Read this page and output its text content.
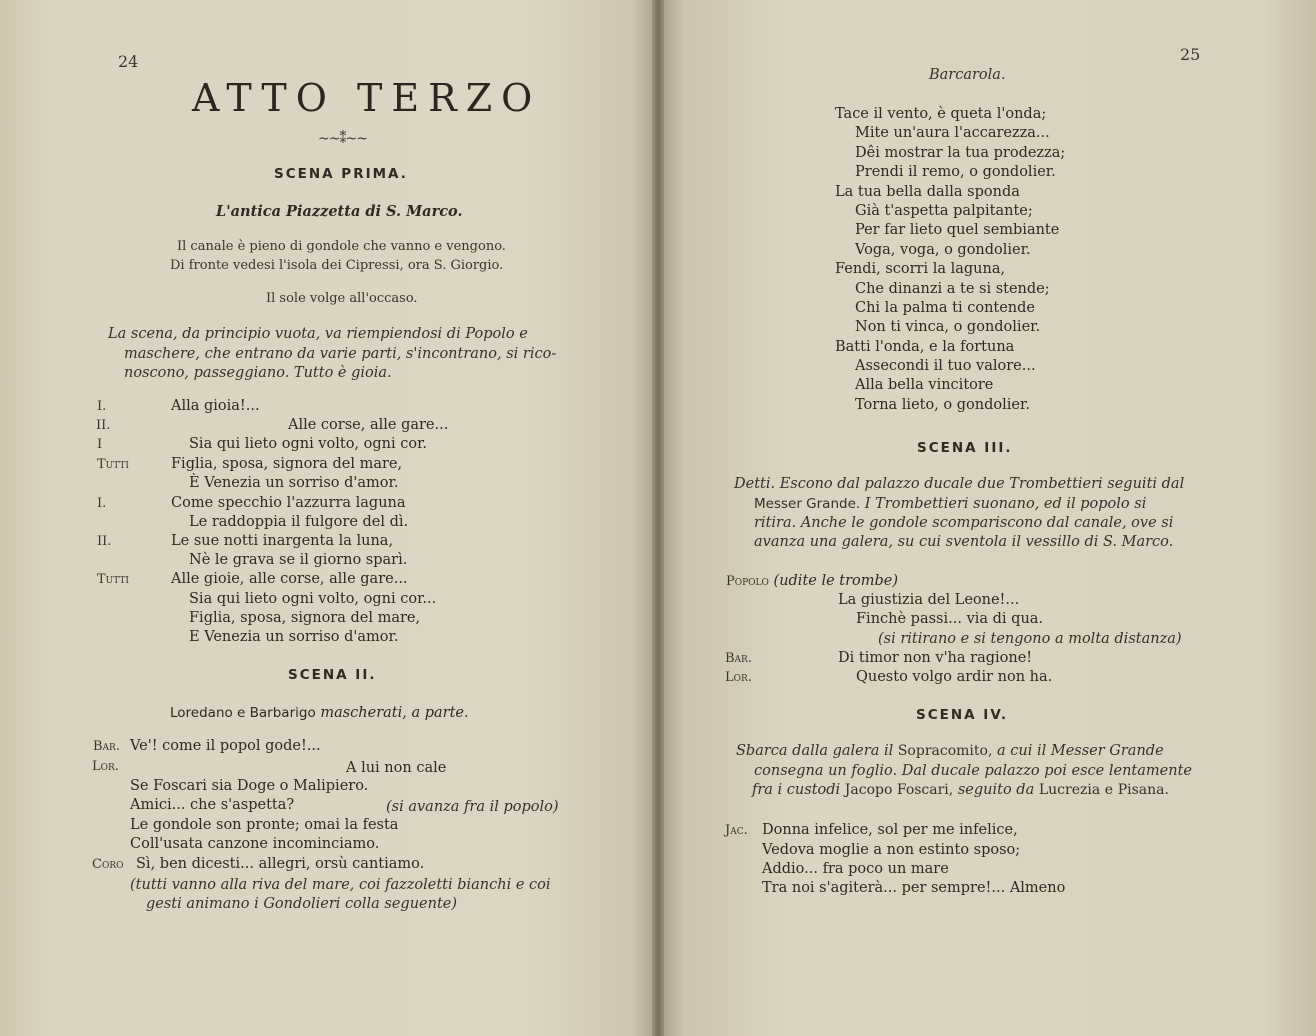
24
ATTO TERZO
~~⁑~~
SCENA PRIMA.
L'antica Piazzetta di S. Marco.
Il canale è pieno di gondole che vanno e vengono.
Di fronte vedesi l'isola dei Cipressi, ora S. Giorgio.
Il sole volge all'occaso.
La scena, da principio vuota, va riempiendosi di Popolo e
maschere, che entrano da varie parti, s'incontrano, si rico-
noscono, passeggiano. Tutto è gioia.
I.	Alla gioia!...
II.	Alle corse, alle gare...
I	Sia qui lieto ogni volto, ogni cor.
Tutti	Figlia, sposa, signora del mare,
È Venezia un sorriso d'amor.
I.	Come specchio l'azzurra laguna
Le raddoppia il fulgore del dì.
II.	Le sue notti inargenta la luna,
Nè le grava se il giorno sparì.
Tutti	Alle gioie, alle corse, alle gare...
Sia qui lieto ogni volto, ogni cor...
Figlia, sposa, signora del mare,
E Venezia un sorriso d'amor.
SCENA II.
Loredano e Barbarigo mascherati, a parte.
Bar. Ve'! come il popol gode!...
Lor.	A lui non cale
Se Foscari sia Doge o Malipiero.
Amici... che s'aspetta?	(si avanza fra il popolo)
Le gondole son pronte; omai la festa
Coll'usata canzone incominciamo.
Coro Sì, ben dicesti... allegri, orsù cantiamo.
(tutti vanno alla riva del mare, coi fazzoletti bianchi e coi
gesti animano i Gondolieri colla seguente)
25
Barcarola.
Tace il vento, è queta l'onda;
Mite un'aura l'accarezza...
Dêi mostrar la tua prodezza;
Prendi il remo, o gondolier.
La tua bella dalla sponda
Già t'aspetta palpitante;
Per far lieto quel sembiante
Voga, voga, o gondolier.
Fendi, scorri la laguna,
Che dinanzi a te si stende;
Chi la palma ti contende
Non ti vinca, o gondolier.
Batti l'onda, e la fortuna
Assecondi il tuo valore...
Alla bella vincitore
Torna lieto, o gondolier.
SCENA III.
Detti. Escono dal palazzo ducale due Trombettieri seguiti dal
Messer Grande. I Trombettieri suonano, ed il popolo si
ritira. Anche le gondole scompariscono dal canale, ove si
avanza una galera, su cui sventola il vessillo di S. Marco.
Popolo (udite le trombe)
La giustizia del Leone!...
Finchè passi... via di qua.
(si ritirano e si tengono a molta distanza)
Bar.	Di timor non v'ha ragione!
Lor.	Questo volgo ardir non ha.
SCENA IV.
Sbarca dalla galera il Sopracomito, a cui il Messer Grande
consegna un foglio. Dal ducale palazzo poi esce lentamente
fra i custodi Jacopo Foscari, seguito da Lucrezia e Pisana.
Jac. Donna infelice, sol per me infelice,
Vedova moglie a non estinto sposo;
Addio... fra poco un mare
Tra noi s'agiterà... per sempre!... Almeno
